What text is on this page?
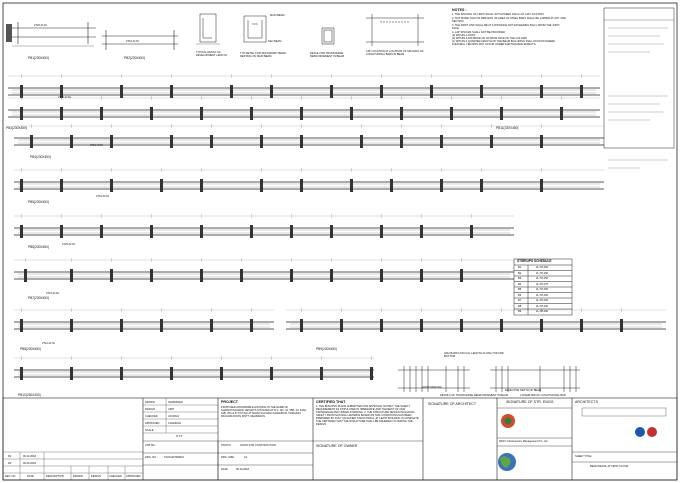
PB1(230X450)	PB2(230X450)
PB3(230X450)
PB4(230X450)
PB5(230X450)
PB6(230X450)
PB7(230X450)
PB8(230X450)	PB9(230X450)
PB10(230X450)
PB11(230X450)
2T20 ALTH
2T16 ALTH
2T20 ALTH
2T12 ALTH
2T16 ALTH
2T20 ALTH
2T16 ALTH
2T12 ALTH
TYPICAL DETAIL OF DEVELOPMENT LENGTH
TYP DETAIL FOR SECONDARY BEAM RESTING ON MAIN BEAM
DETAIL FOR TRANSVERSE REINFORCEMENT IN BEAM
LAP LOCATION AT LOCATION OF SPLICING OF LONGITUDINAL BARS IN BEAM
MAIN BEAM
SEC BEAM
4#12 BARS FOR FULL LENGTH ALONG TOP AND BOTTOM
HOOP SPACING
EFFECTIVE DEPTH OF BEAM
2 DIAMETER OF LONGITUDINAL BAR
DETAILS OF TRANSVERSE REINFORCEMENT IN BEAM
NOTES :
1. THE SPACING OF LINKS SHALL NOT EXCEED 150mm AT LAP LOCATION.
2. NOT MORE THAN 50 PERCENT OF AREA OF STEEL BARS SHALL BE LAPPED AT ANY ONE SECTION.
3. THE FIRST LINK SHALL BE AT A DISTANCE NOT EXCEEDING 50mm FROM THE JOINT FACE.
4. LAP SPLICES SHALL NOT BE PROVIDED:
(a) WITHIN A JOINT
(b) WITHIN A DISTANCE OF 2d FROM FACE OF THE COLUMN
(c) WITHIN A QUARTER LENGTH OF THE BEAM INCLUDING THE LOCATION WHERE FLEXURAL YIELDING MAY OCCUR UNDER EARTHQUAKE EFFECTS.
STIRRUPS SCHEDULE
B1	2L-T8-150
B2	2L-T8-150
B3	2L-T8-150
B4	2L-T8-175
B5	2L-T8-150
B6	2L-T8-150
B7	2L-T8-150
B8	2L-T8-150
B9	2L-T8-200
DRAWN	SAMRADER
DESIGN	UMIT
CHECKED	JAYARAJ
APPROVED	CHANDAN
SCALE
N.T.S
PROJECT
PROPOSED AFFORDABLE HOUSING IN THE NAME OF SHANKITINGHANK HEIGHTS SITUATED AT R.S. NO. 42, 55B, 43, 44A6, 44B, 45A & 47 KOTAHI AT MAJHI KULDANI KARANPUR, PARGANA PACHIMA DOON DISTT. DEHRADUN
JOB NO.	STATUS	GOOD FOR CONSTRUCTION
DRG. NO.	TAHSHSTRMD/1	DRG. SIZE	A1
DATE	06.10.2018
CERTIFIED THAT
1. THE BUILDING PLANS SUBMITTED FOR APPROVAL SATISFY THE SAFETY REQUIREMENT AS STIPULATED IN 'IMMEDIATE' AND THE BEST OF OUR KNOWLEDGE AND UNDER STANDING. 2. THE STRUCTURE DESIGN INCLUDING SAFETY FROM NATURAL HAZARDS BASED ON SOIL CONDITIONS HAS BEEN PREPARED BY DULY QUALIFIED STRUCTURAL. AT LEAST BUILDING IS COMPLETE. THE CERTIFIED THAT THE STRUCTURE SHALL BE ADHERED TO DURING THE DESIGN.
SIGNATURE OF OWNER
SIGNATURE OF ARCHITECT	SIGNATURE OF STR. ENGG.
RDAY Infrastructure Management Pvt. Ltd.
ARCHITECTS
SHEET TITLE
BEAM DETAIL AT FIRST FLOOR
R1	06.10.2018
R0	06.09.2018
REV. NO.	DATE	DESCRIPTION	DRAWN	DESIGN	CHECKED APPROVED
